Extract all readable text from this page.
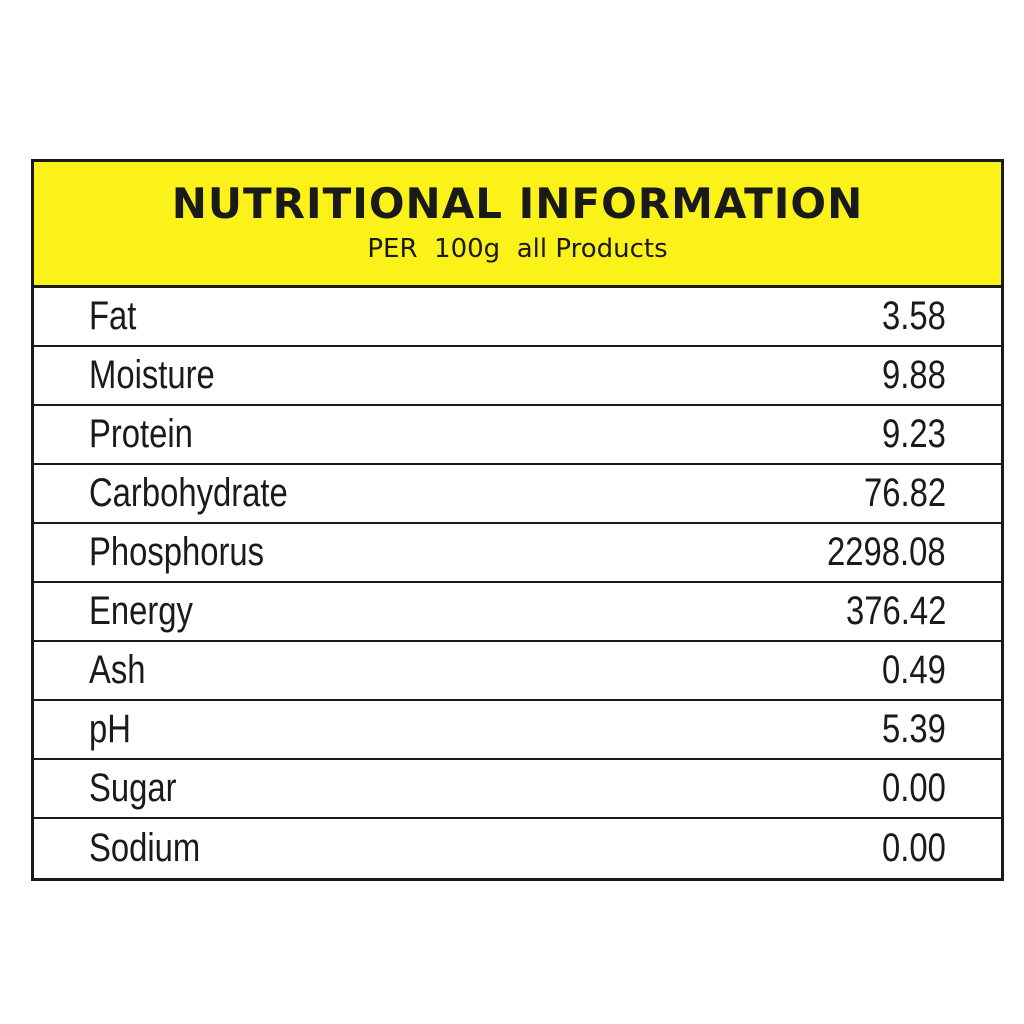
NUTRITIONAL INFORMATION
PER  100g  all Products
Fat	3.58
Moisture	9.88
Protein	9.23
Carbohydrate	76.82
Phosphorus	2298.08
Energy	376.42
Ash	0.49
pH	5.39
Sugar	0.00
Sodium	0.00
